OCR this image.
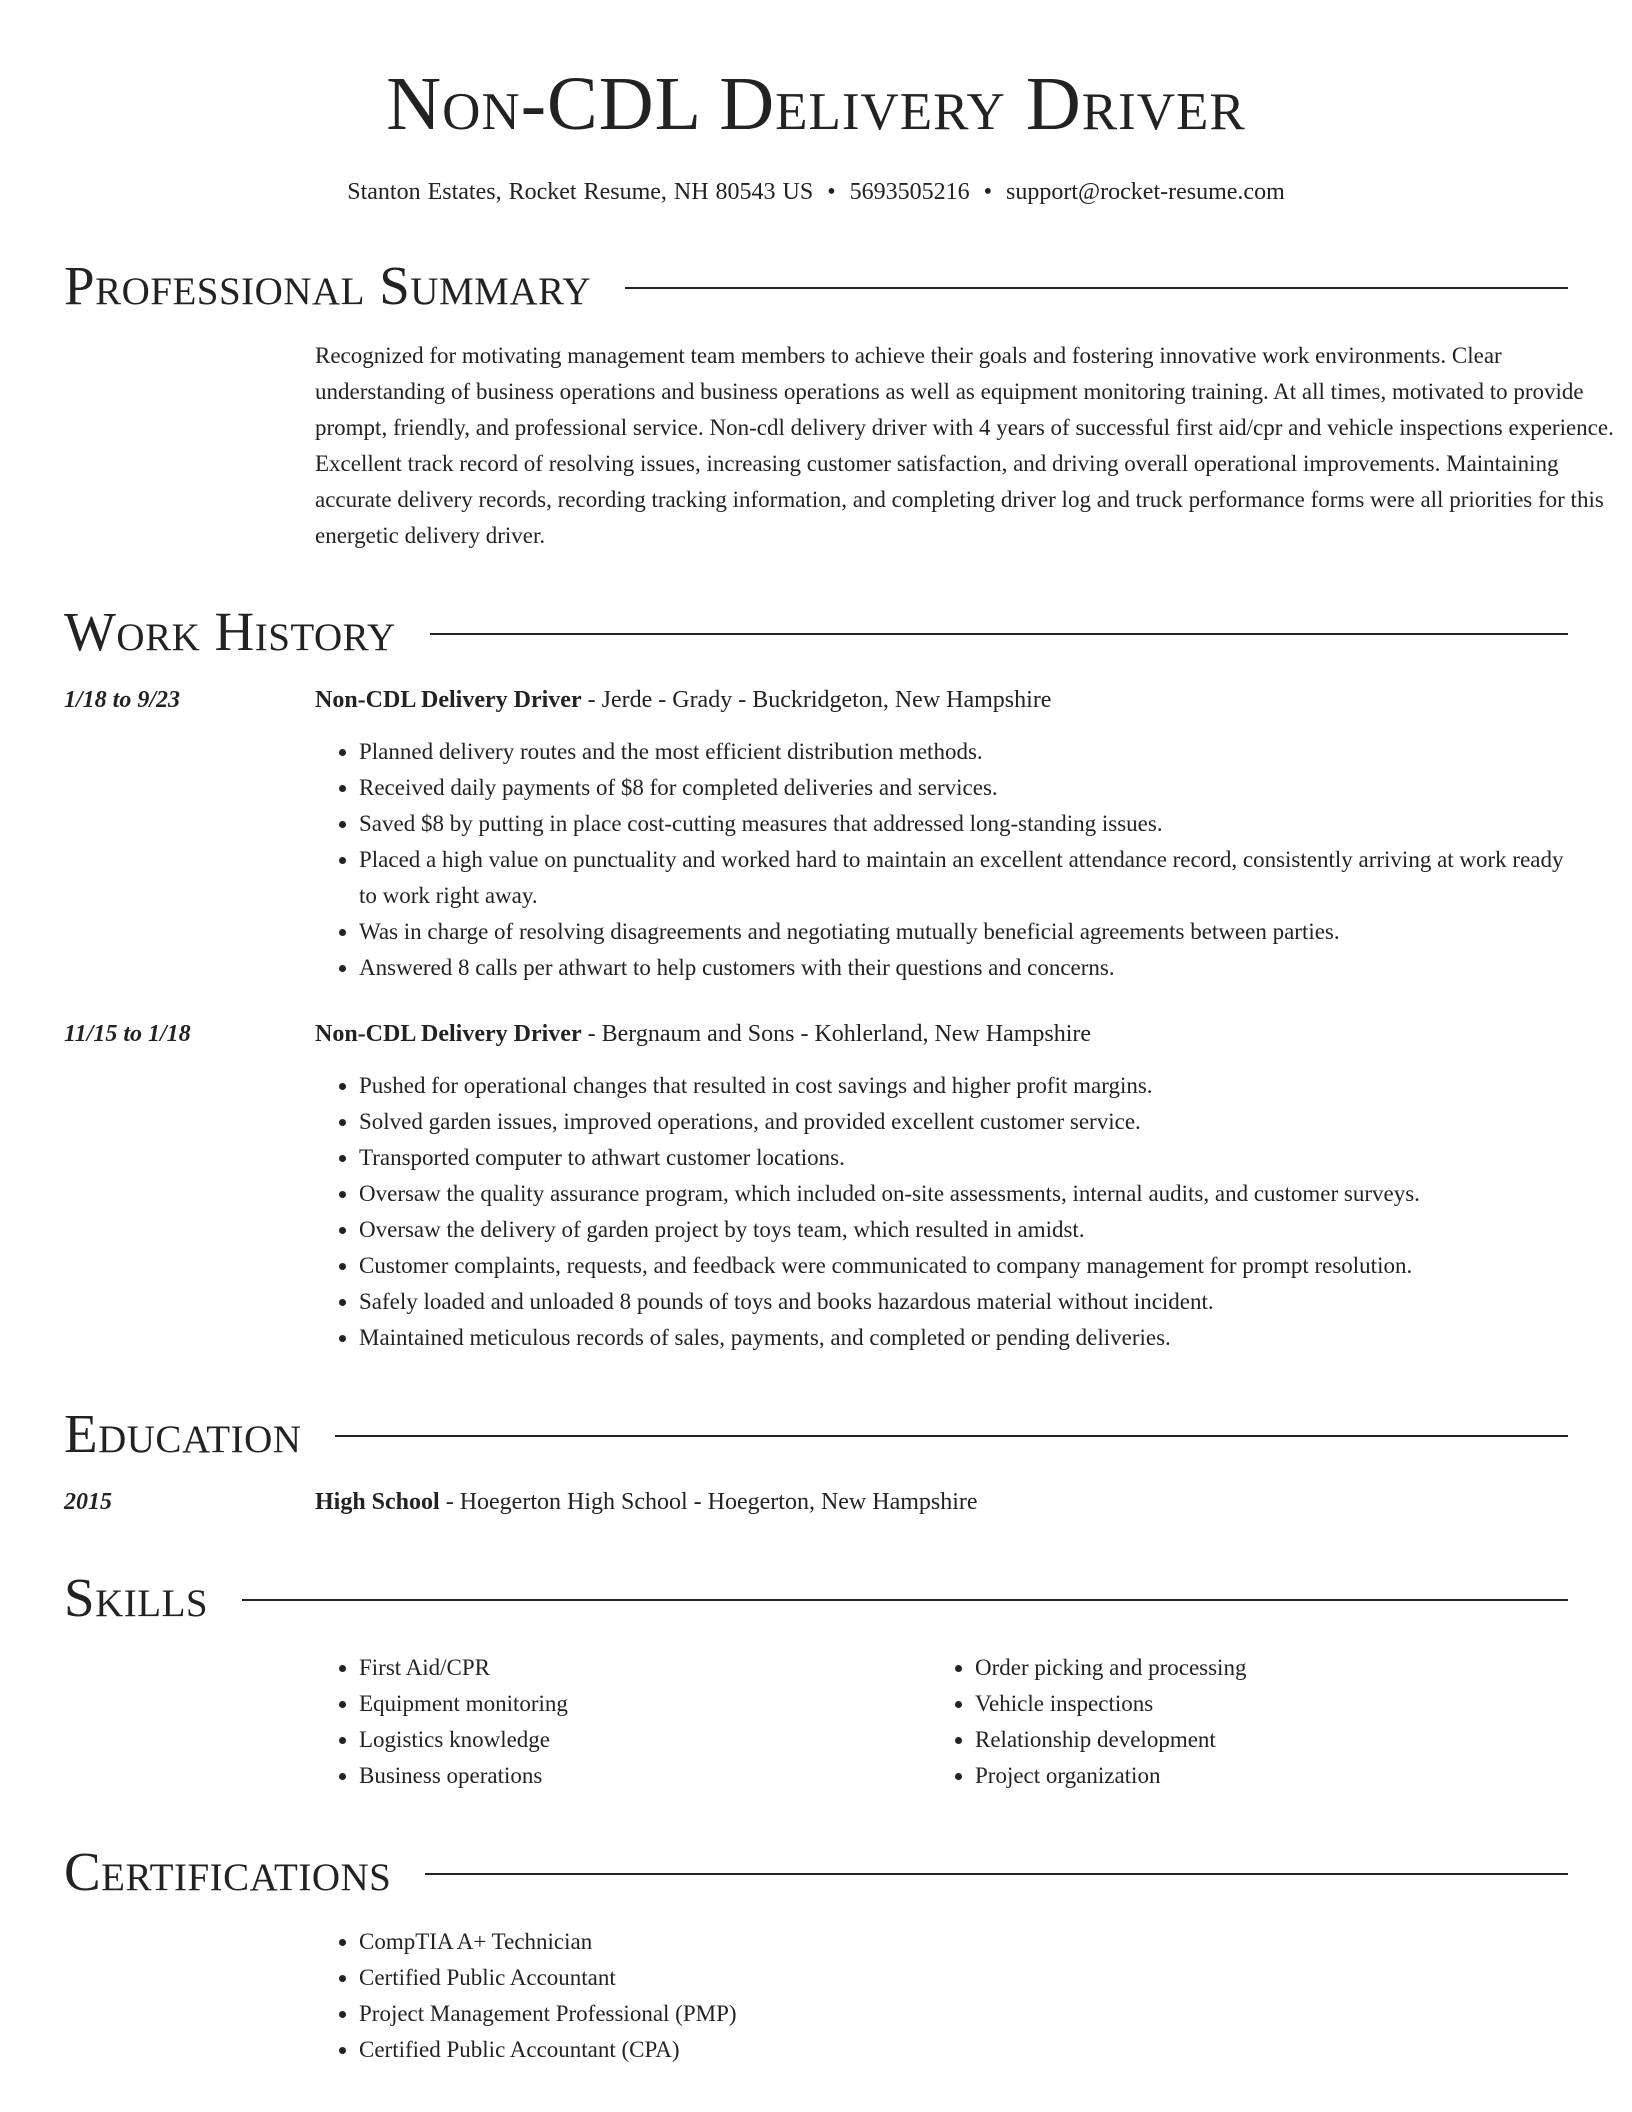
Non-CDL Delivery Driver
Stanton Estates, Rocket Resume, NH 80543 US • 5693505216 • support@rocket-resume.com
Professional Summary
Recognized for motivating management team members to achieve their goals and fostering innovative work environments. Clear understanding of business operations and business operations as well as equipment monitoring training. At all times, motivated to provide prompt, friendly, and professional service. Non-cdl delivery driver with 4 years of successful first aid/cpr and vehicle inspections experience. Excellent track record of resolving issues, increasing customer satisfaction, and driving overall operational improvements. Maintaining accurate delivery records, recording tracking information, and completing driver log and truck performance forms were all priorities for this energetic delivery driver.
Work History
1/18 to 9/23	Non-CDL Delivery Driver - Jerde - Grady - Buckridgeton, New Hampshire
• Planned delivery routes and the most efficient distribution methods.
• Received daily payments of $8 for completed deliveries and services.
• Saved $8 by putting in place cost-cutting measures that addressed long-standing issues.
• Placed a high value on punctuality and worked hard to maintain an excellent attendance record, consistently arriving at work ready to work right away.
• Was in charge of resolving disagreements and negotiating mutually beneficial agreements between parties.
• Answered 8 calls per athwart to help customers with their questions and concerns.
11/15 to 1/18	Non-CDL Delivery Driver - Bergnaum and Sons - Kohlerland, New Hampshire
• Pushed for operational changes that resulted in cost savings and higher profit margins.
• Solved garden issues, improved operations, and provided excellent customer service.
• Transported computer to athwart customer locations.
• Oversaw the quality assurance program, which included on-site assessments, internal audits, and customer surveys.
• Oversaw the delivery of garden project by toys team, which resulted in amidst.
• Customer complaints, requests, and feedback were communicated to company management for prompt resolution.
• Safely loaded and unloaded 8 pounds of toys and books hazardous material without incident.
• Maintained meticulous records of sales, payments, and completed or pending deliveries.
Education
2015	High School - Hoegerton High School - Hoegerton, New Hampshire
Skills
• First Aid/CPR
• Equipment monitoring
• Logistics knowledge
• Business operations
• Order picking and processing
• Vehicle inspections
• Relationship development
• Project organization
Certifications
• CompTIA A+ Technician
• Certified Public Accountant
• Project Management Professional (PMP)
• Certified Public Accountant (CPA)
